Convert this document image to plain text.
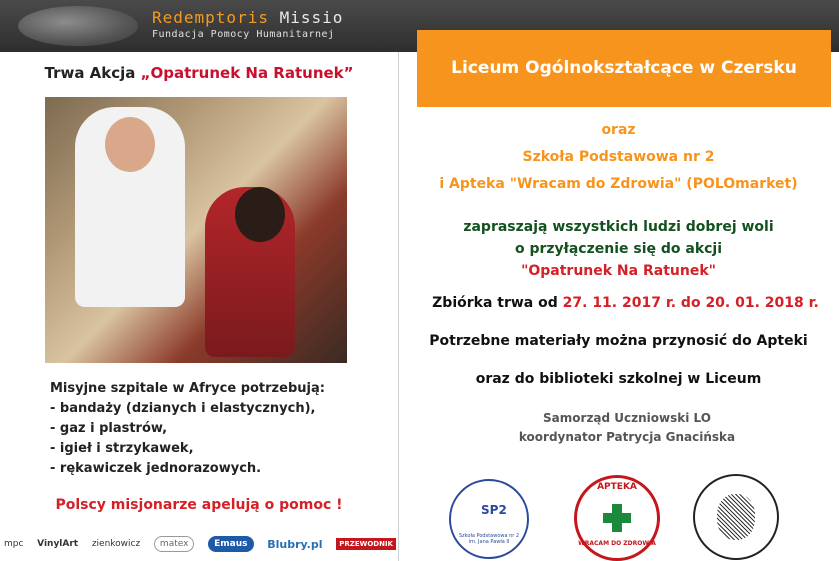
Redemptoris Missio
Fundacja Pomocy Humanitarnej
Trwa Akcja „Opatrunek Na Ratunek”
Misyjne szpitale w Afryce potrzebują:
- bandaży (dzianych i elastycznych),
- gaz i plastrów,
- igieł i strzykawek,
- rękawiczek jednorazowych.
Polscy misjonarze apelują o pomoc !
mpc VinylArt zienkowicz	matex	Emaus	Blubry.pl	PRZEWODNIK
Liceum Ogólnokształcące w Czersku
oraz
Szkoła Podstawowa nr 2
i Apteka "Wracam do Zdrowia" (POLOmarket)
zapraszają wszystkich ludzi dobrej woli
o przyłączenie się do akcji
"Opatrunek Na Ratunek"
Zbiórka trwa od 27. 11. 2017 r. do 20. 01. 2018 r.
Potrzebne materiały można przynosić do Apteki
oraz do biblioteki szkolnej w Liceum
Samorząd Uczniowski LO
koordynator Patrycja Gnacińska
SP2
Szkoła Podstawowa nr 2 im. Jana Pawła II
APTEKA
WRACAM DO ZDROWIA
